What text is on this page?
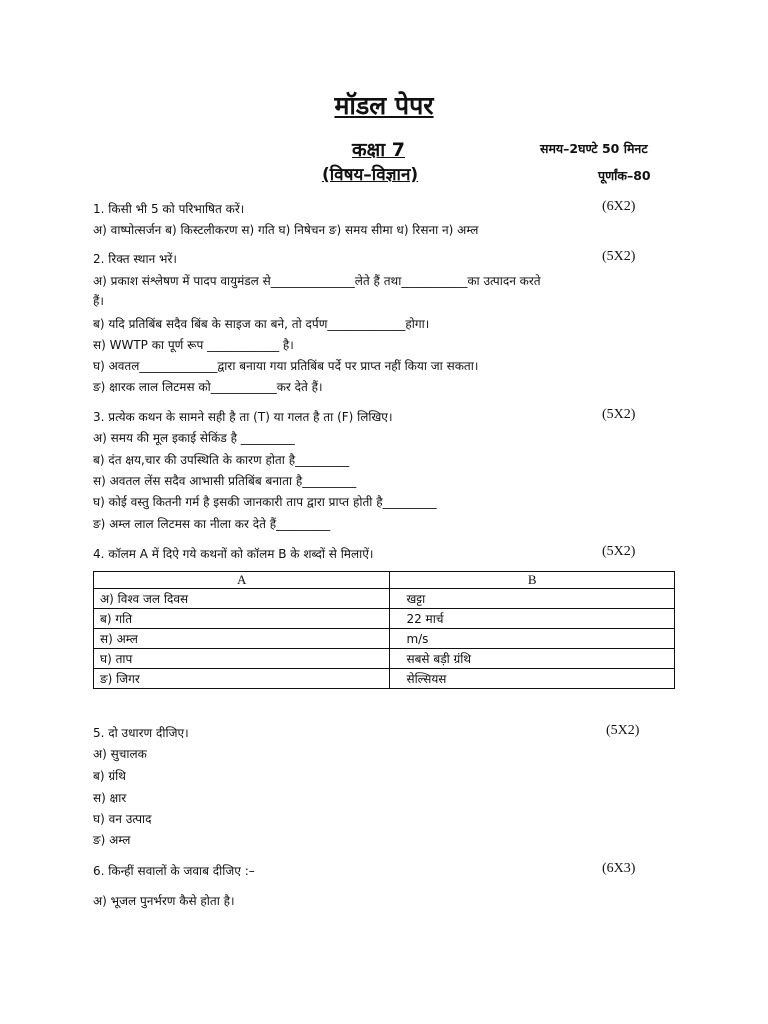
मॉडल पेपर
कक्षा 7
(विषय–विज्ञान)
समय–2घण्टे 50 मिनट
पूर्णांक–80
1. किसी भी 5 को परिभाषित करें।	(6X2)
अ) वाष्पोत्सर्जन ब) किस्टलीकरण स) गति घ) निषेचन ङ) समय सीमा ध) रिसना न) अम्ल
2. रिक्त स्थान भरें।	(5X2)
अ) प्रकाश संश्लेषण में पादप वायुमंडल से______________लेते हैं तथा___________का उत्पादन करते
हैं।
ब) यदि प्रतिबिंब सदैव बिंब के साइज का बने, तो दर्पण_____________होगा।
स) WWTP का पूर्ण रूप ____________ है।
घ) अवतल_____________द्वारा बनाया गया प्रतिबिंब पर्दे पर प्राप्त नहीं किया जा सकता।
ङ) क्षारक लाल लिटमस को___________कर देते हैं।
3. प्रत्येक कथन के सामने सही है ता (T) या गलत है ता (F) लिखिए।	(5X2)
अ) समय की मूल इकाई सेकिंड है _________
ब) दंत क्षय,चार की उपस्थिति के कारण होता है_________
स) अवतल लेंस सदैव आभासी प्रतिबिंब बनाता है_________
घ) कोई वस्तु कितनी गर्म है इसकी जानकारी ताप द्वारा प्राप्त होती है_________
ङ) अम्ल लाल लिटमस का नीला कर देते हैं_________
4. कॉलम A में दिऐ गये कथनों को कॉलम B के शब्दों से मिलाऐं।	(5X2)
A	B
अ) विश्व जल दिवस	खट्टा
ब) गति	22 मार्च
स) अम्ल	m/s
घ) ताप	सबसे बड़ी ग्रंथि
ङ) जिगर	सेल्सियस
5. दो उधारण दीजिए।	(5X2)
अ) सुचालक
ब) ग्रंथि
स) क्षार
घ) वन उत्पाद
ङ) अम्ल
6. किन्हीं सवालों के जवाब दीजिए :–	(6X3)
अ) भूजल पुनर्भरण कैसे होता है।
